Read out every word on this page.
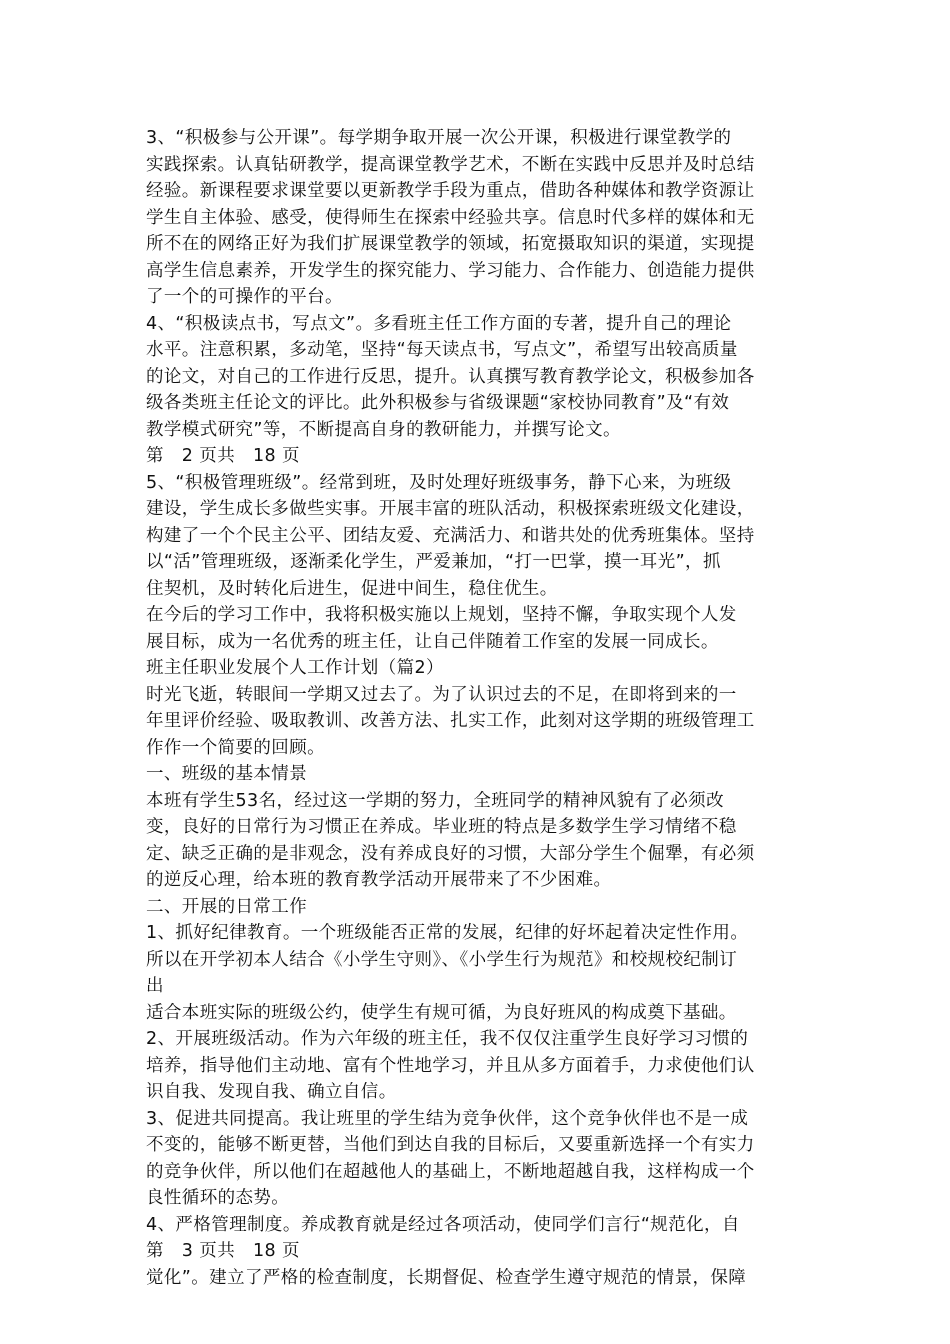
3、“积极参与公开课”。每学期争取开展一次公开课，积极进行课堂教学的
实践探索。认真钻研教学，提高课堂教学艺术，不断在实践中反思并及时总结
经验。新课程要求课堂要以更新教学手段为重点，借助各种媒体和教学资源让
学生自主体验、感受，使得师生在探索中经验共享。信息时代多样的媒体和无
所不在的网络正好为我们扩展课堂教学的领域，拓宽摄取知识的渠道，实现提
高学生信息素养，开发学生的探究能力、学习能力、合作能力、创造能力提供
了一个的可操作的平台。
4、“积极读点书，写点文”。多看班主任工作方面的专著，提升自己的理论
水平。注意积累，多动笔，坚持“每天读点书，写点文”，希望写出较高质量
的论文，对自己的工作进行反思，提升。认真撰写教育教学论文，积极参加各
级各类班主任论文的评比。此外积极参与省级课题“家校协同教育”及“有效
教学模式研究”等，不断提高自身的教研能力，并撰写论文。
第　2 页共　18 页
5、“积极管理班级”。经常到班，及时处理好班级事务，静下心来，为班级
建设，学生成长多做些实事。开展丰富的班队活动，积极探索班级文化建设，
构建了一个个民主公平、团结友爱、充满活力、和谐共处的优秀班集体。坚持
以“活”管理班级，逐渐柔化学生，严爱兼加，“打一巴掌，摸一耳光”，抓
住契机，及时转化后进生，促进中间生，稳住优生。
在今后的学习工作中，我将积极实施以上规划，坚持不懈，争取实现个人发
展目标，成为一名优秀的班主任，让自己伴随着工作室的发展一同成长。
班主任职业发展个人工作计划（篇2）
时光飞逝，转眼间一学期又过去了。为了认识过去的不足，在即将到来的一
年里评价经验、吸取教训、改善方法、扎实工作，此刻对这学期的班级管理工
作作一个简要的回顾。
一、班级的基本情景
本班有学生53名，经过这一学期的努力，全班同学的精神风貌有了必须改
变，良好的日常行为习惯正在养成。毕业班的特点是多数学生学习情绪不稳
定、缺乏正确的是非观念，没有养成良好的习惯，大部分学生个倔犟，有必须
的逆反心理，给本班的教育教学活动开展带来了不少困难。
二、开展的日常工作
1、抓好纪律教育。一个班级能否正常的发展，纪律的好坏起着决定性作用。
所以在开学初本人结合《小学生守则》、《小学生行为规范》和校规校纪制订
出
适合本班实际的班级公约，使学生有规可循，为良好班风的构成奠下基础。
2、开展班级活动。作为六年级的班主任，我不仅仅注重学生良好学习习惯的
培养，指导他们主动地、富有个性地学习，并且从多方面着手，力求使他们认
识自我、发现自我、确立自信。
3、促进共同提高。我让班里的学生结为竞争伙伴，这个竞争伙伴也不是一成
不变的，能够不断更替，当他们到达自我的目标后，又要重新选择一个有实力
的竞争伙伴，所以他们在超越他人的基础上，不断地超越自我，这样构成一个
良性循环的态势。
4、严格管理制度。养成教育就是经过各项活动，使同学们言行“规范化，自
第　3 页共　18 页
觉化”。建立了严格的检查制度，长期督促、检查学生遵守规范的情景，保障
